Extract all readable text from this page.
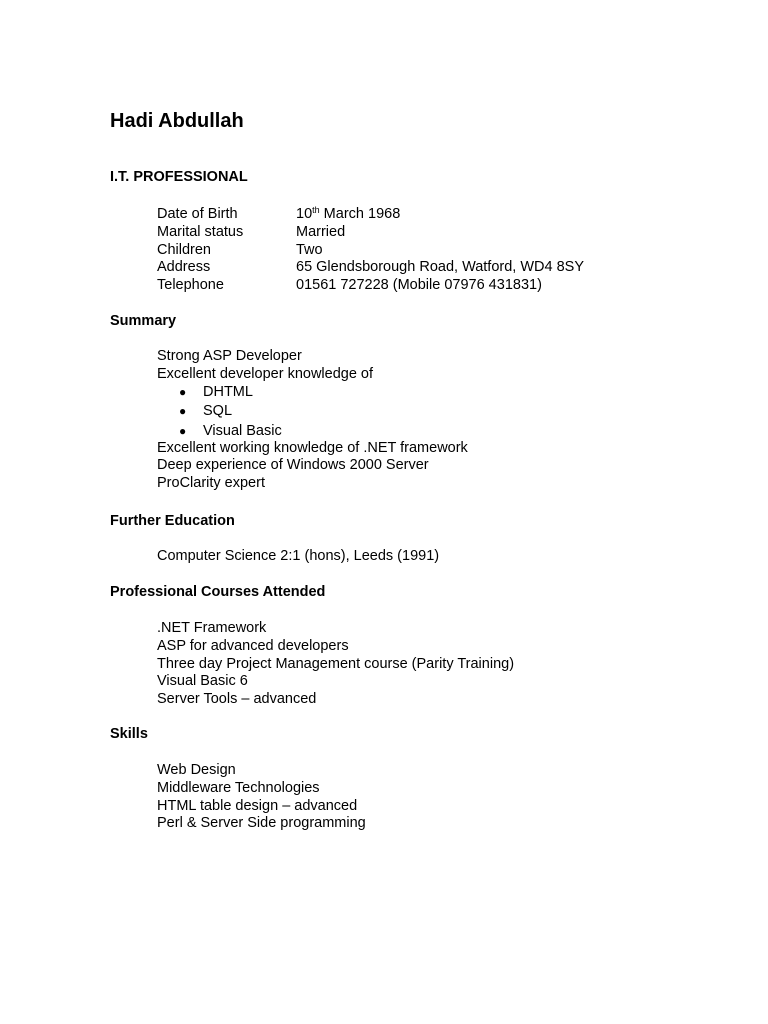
Hadi Abdullah
I.T. PROFESSIONAL
Date of Birth	10th March 1968
Marital status	Married
Children	Two
Address	65 Glendsborough Road, Watford, WD4 8SY
Telephone	01561 727228 (Mobile 07976 431831)
Summary

Strong ASP Developer

Excellent developer knowledge of

●	DHTML
●	SQL
●	Visual Basic

Excellent working knowledge of .NET framework

Deep experience of Windows 2000 Server

ProClarity expert

Further Education

Computer Science 2:1 (hons), Leeds (1991)

Professional Courses Attended

.NET Framework

ASP for advanced developers

Three day Project Management course (Parity Training)

Visual Basic 6

Server Tools – advanced

Skills

Web Design

Middleware Technologies

HTML table design – advanced

Perl & Server Side programming
